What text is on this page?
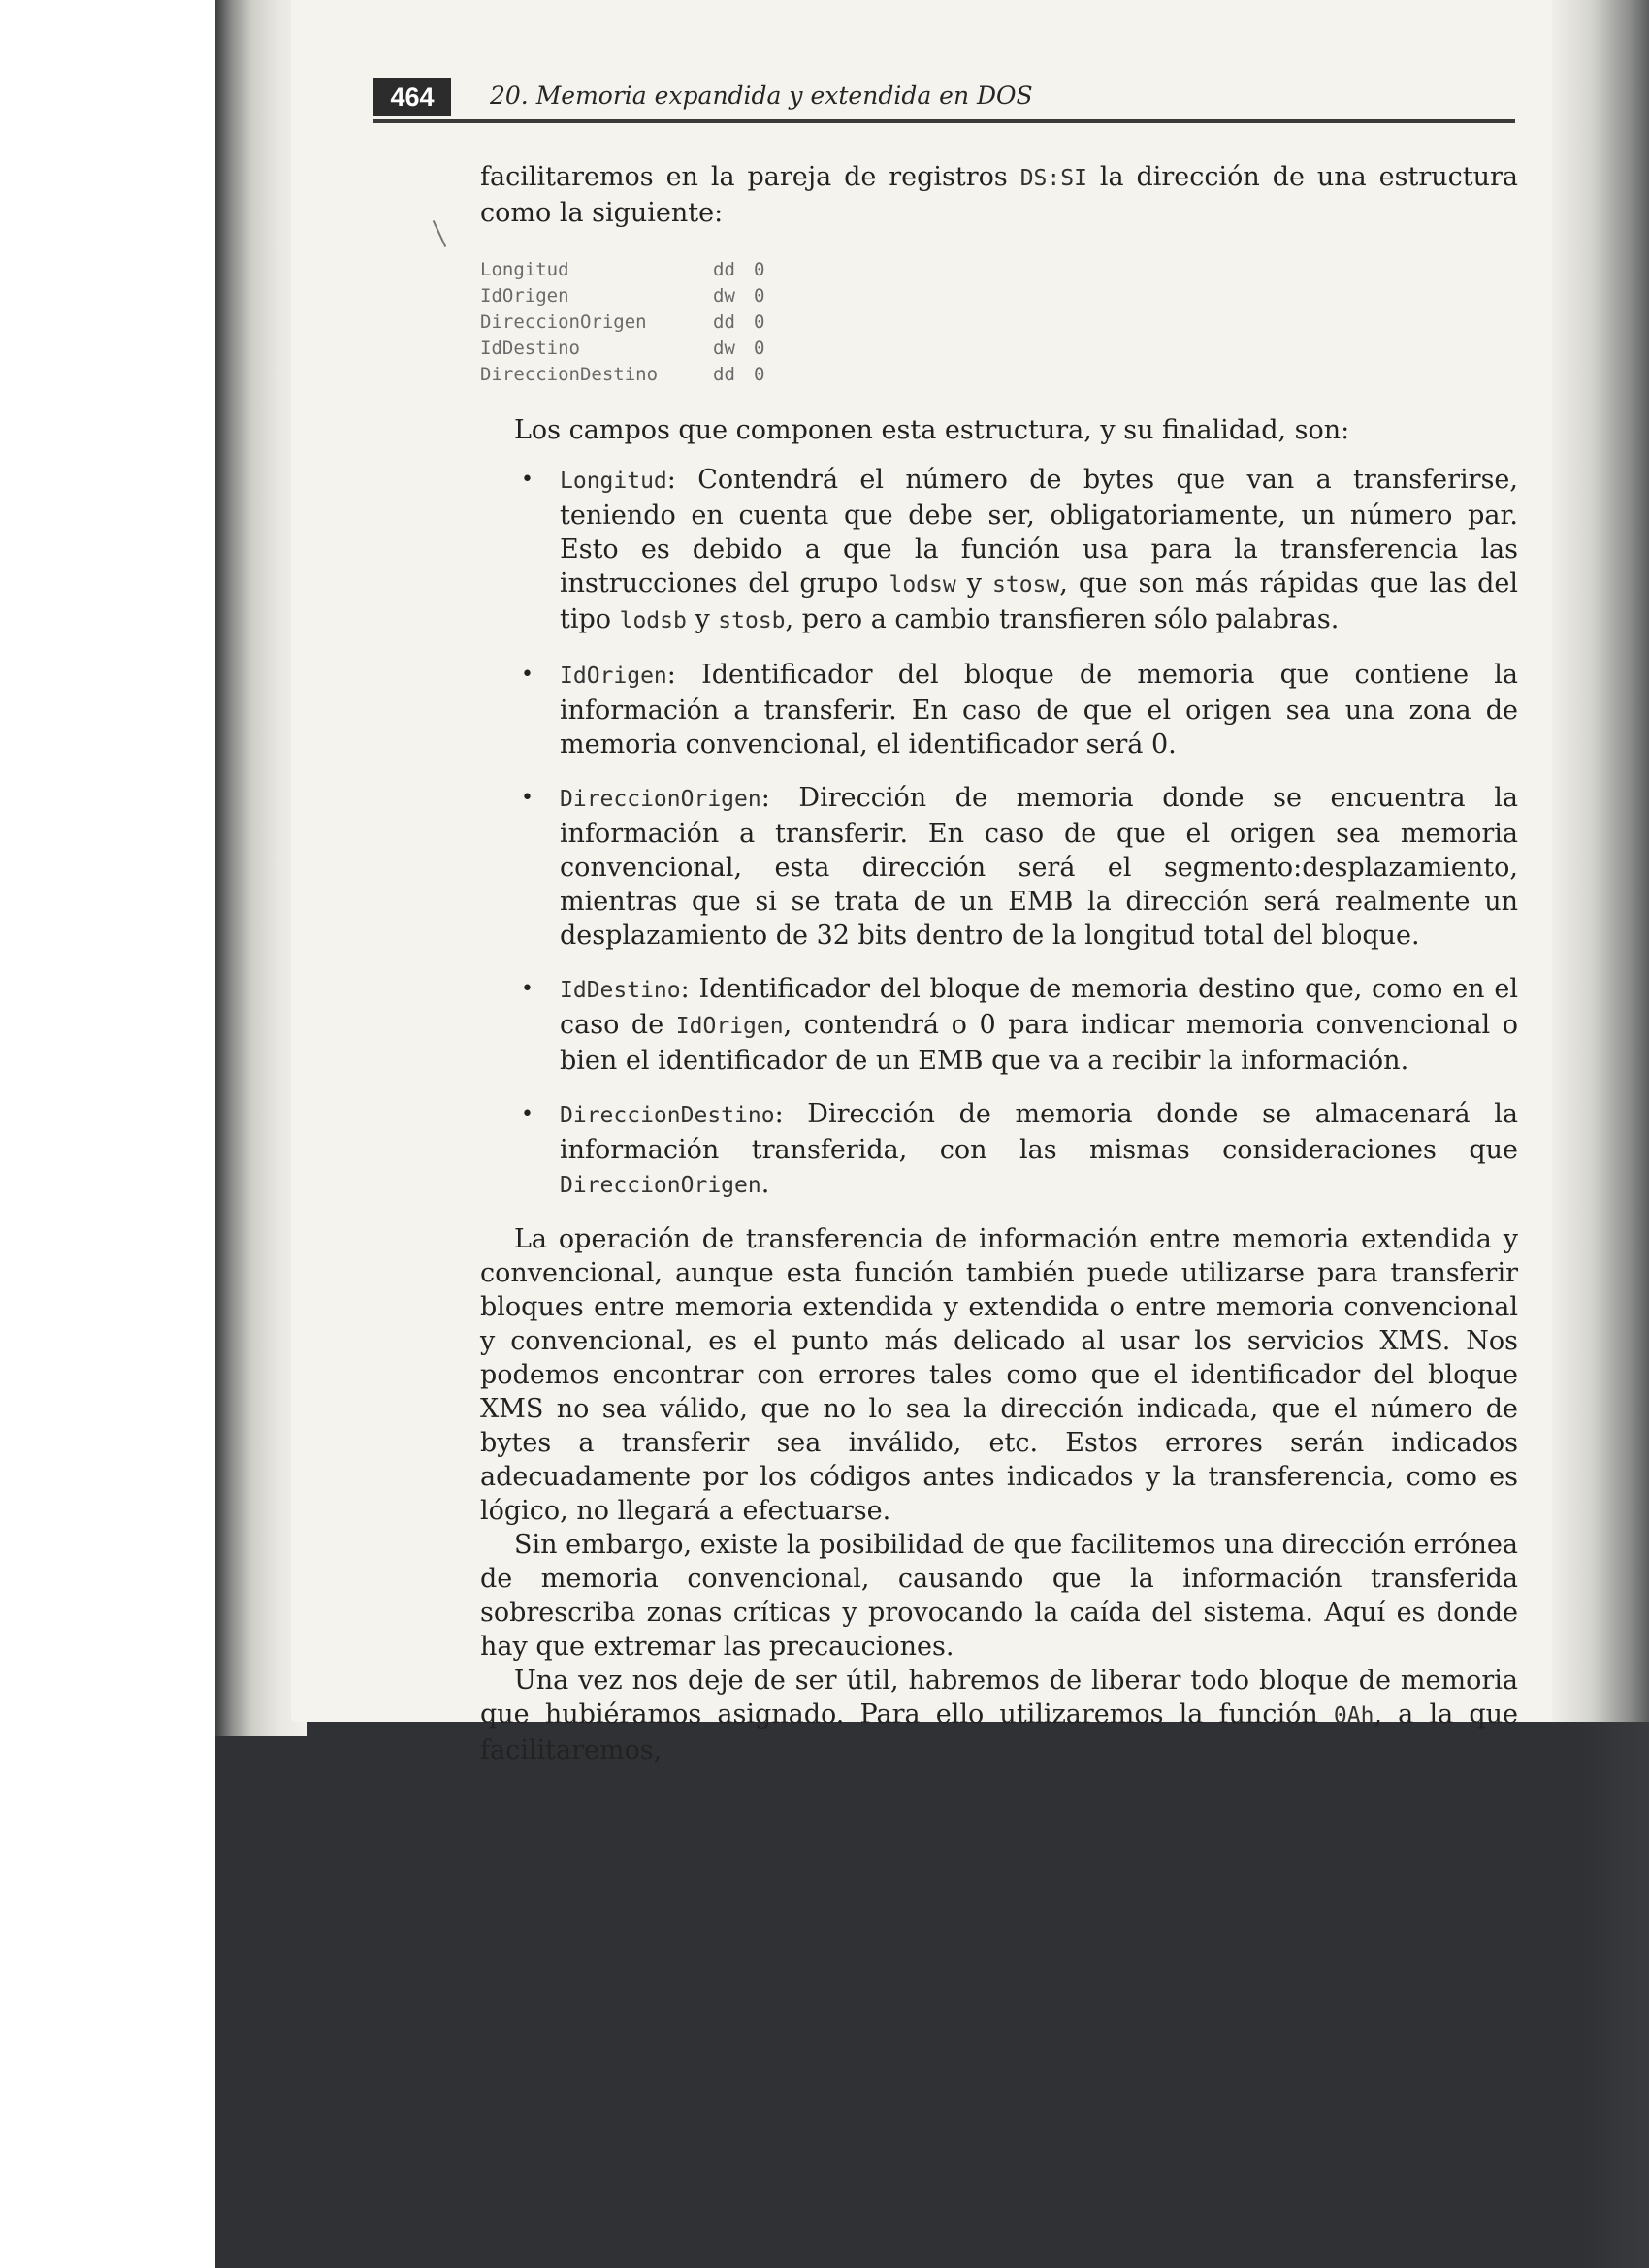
464	20. Memoria expandida y extendida en DOS

facilitaremos en la pareja de registros DS:SI la dirección de una estructura como la siguiente:

Longitud	dd	0
IdOrigen	dw	0
DireccionOrigen	dd	0
IdDestino	dw	0
DireccionDestino	dd	0

Los campos que componen esta estructura, y su finalidad, son:

• Longitud: Contendrá el número de bytes que van a transferirse, teniendo en cuenta que debe ser, obligatoriamente, un número par. Esto es debido a que la función usa para la transferencia las instrucciones del grupo lodsw y stosw, que son más rápidas que las del tipo lodsb y stosb, pero a cambio transfieren sólo palabras.
• IdOrigen: Identificador del bloque de memoria que contiene la información a transferir. En caso de que el origen sea una zona de memoria convencional, el identificador será 0.
• DireccionOrigen: Dirección de memoria donde se encuentra la información a transferir. En caso de que el origen sea memoria convencional, esta dirección será el segmento:desplazamiento, mientras que si se trata de un EMB la dirección será realmente un desplazamiento de 32 bits dentro de la longitud total del bloque.
• IdDestino: Identificador del bloque de memoria destino que, como en el caso de IdOrigen, contendrá o 0 para indicar memoria convencional o bien el identificador de un EMB que va a recibir la información.
• DireccionDestino: Dirección de memoria donde se almacenará la información transferida, con las mismas consideraciones que DireccionOrigen.

La operación de transferencia de información entre memoria extendida y convencional, aunque esta función también puede utilizarse para transferir bloques entre memoria extendida y extendida o entre memoria convencional y convencional, es el punto más delicado al usar los servicios XMS. Nos podemos encontrar con errores tales como que el identificador del bloque XMS no sea válido, que no lo sea la dirección indicada, que el número de bytes a transferir sea inválido, etc. Estos errores serán indicados adecuadamente por los códigos antes indicados y la transferencia, como es lógico, no llegará a efectuarse.

Sin embargo, existe la posibilidad de que facilitemos una dirección errónea de memoria convencional, causando que la información transferida sobrescriba zonas críticas y provocando la caída del sistema. Aquí es donde hay que extremar las precauciones.

Una vez nos deje de ser útil, habremos de liberar todo bloque de memoria que hubiéramos asignado. Para ello utilizaremos la función 0Ah, a la que facilitaremos,
